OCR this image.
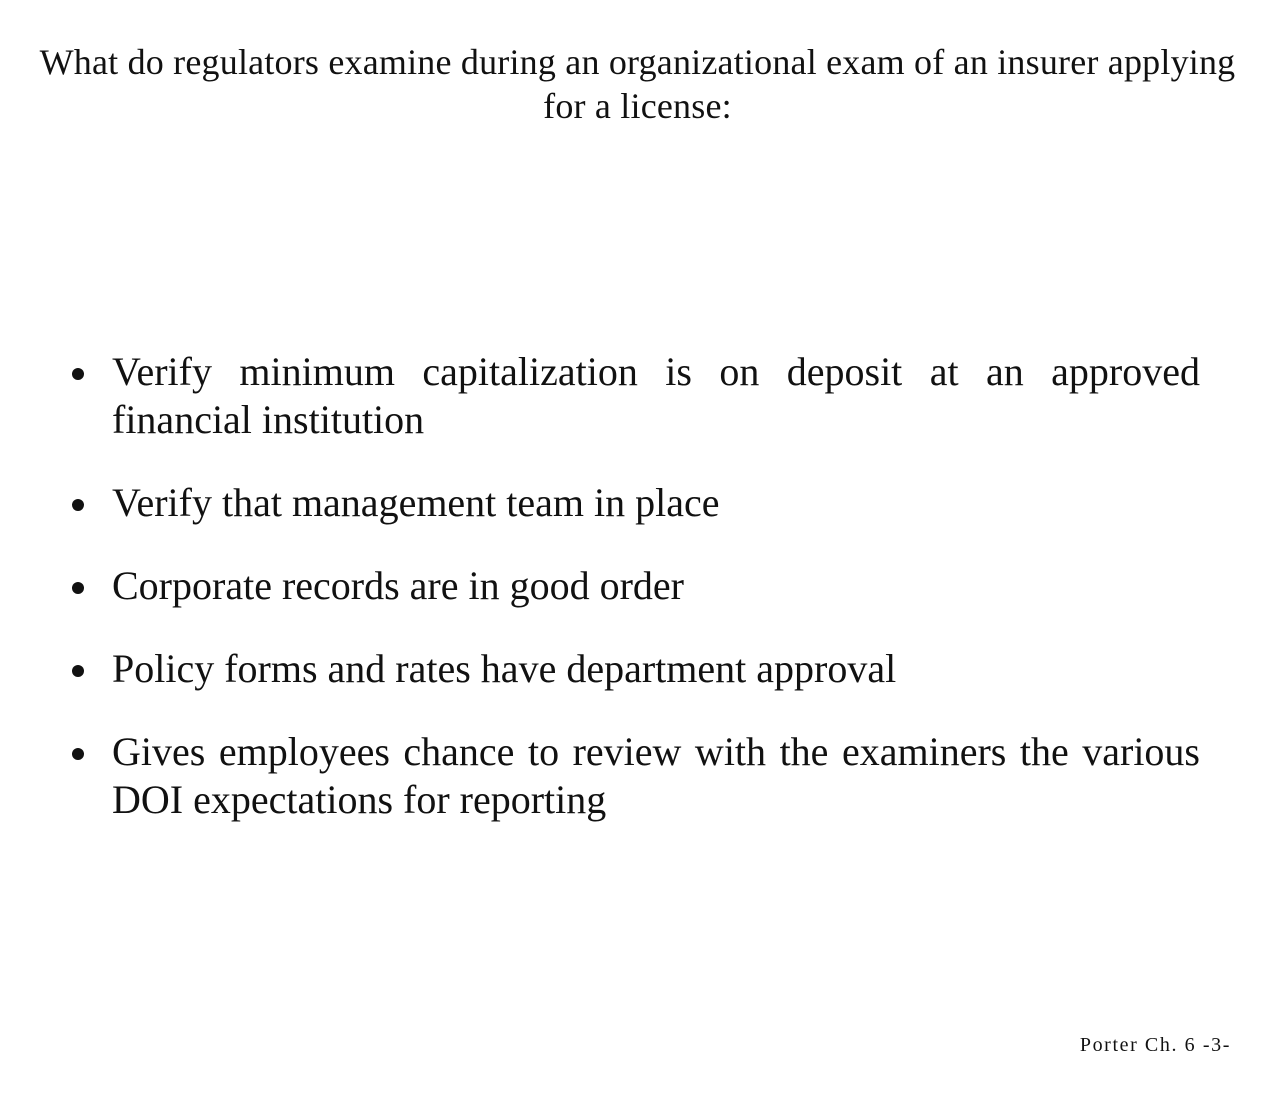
What do regulators examine during an organizational exam of an insurer applying for a license:
Verify minimum capitalization is on deposit at an approved financial institution
Verify that management team in place
Corporate records are in good order
Policy forms and rates have department approval
Gives employees chance to review with the examiners the various DOI expectations for reporting
Porter Ch. 6 -3-
